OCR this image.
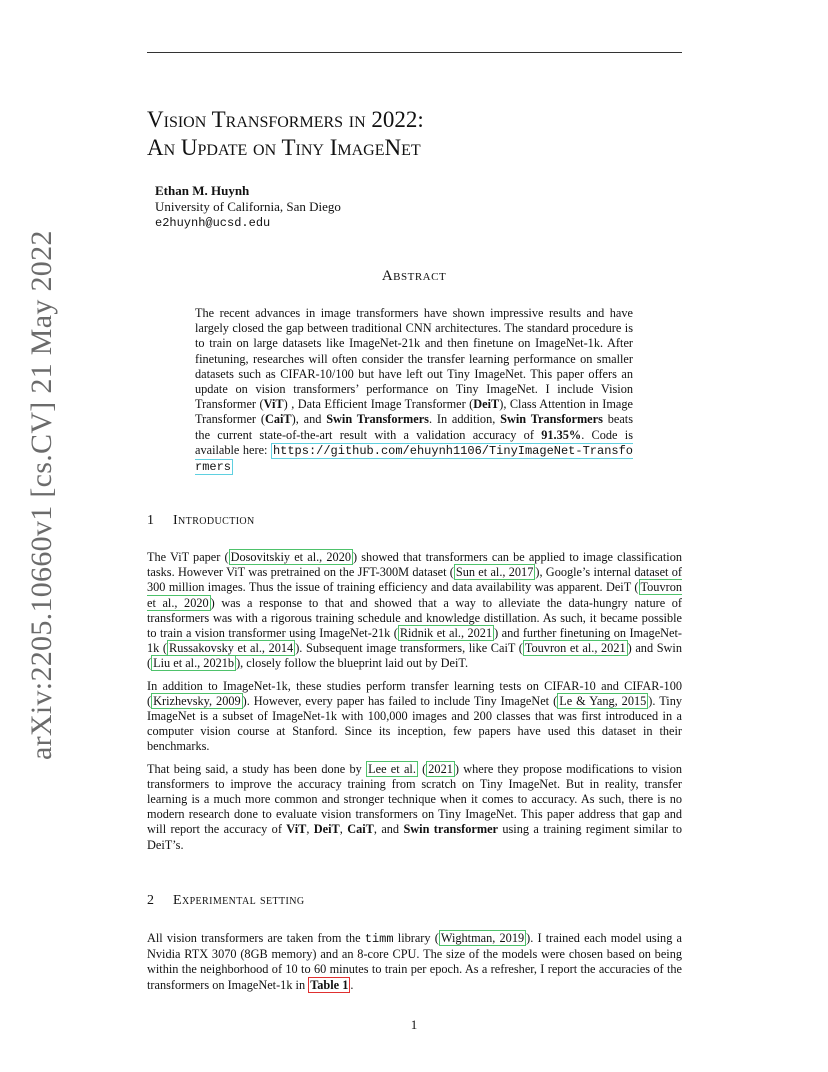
arXiv:2205.10660v1 [cs.CV] 21 May 2022
Vision Transformers in 2022:
An Update on Tiny ImageNet
Ethan M. Huynh
University of California, San Diego
e2huynh@ucsd.edu
Abstract
The recent advances in image transformers have shown impressive results and have largely closed the gap between traditional CNN architectures. The standard procedure is to train on large datasets like ImageNet-21k and then finetune on ImageNet-1k. After finetuning, researches will often consider the transfer learning performance on smaller datasets such as CIFAR-10/100 but have left out Tiny ImageNet. This paper offers an update on vision transformers’ performance on Tiny ImageNet. I include Vision Transformer (ViT) , Data Efficient Image Transformer (DeiT), Class Attention in Image Transformer (CaiT), and Swin Transformers. In addition, Swin Transformers beats the current state-of-the-art result with a validation accuracy of 91.35%. Code is available here: https://github.com/ehuynh1106/TinyImageNet-Transformers
1 Introduction

The ViT paper ( Dosovitskiy et al., 2020 ) showed that transformers can be applied to image classification tasks. However ViT was pretrained on the JFT-300M dataset ( Sun et al., 2017 ), Google’s internal dataset of 300 million images. Thus the issue of training efficiency and data availability was apparent. DeiT ( Touvron et al., 2020 ) was a response to that and showed that a way to alleviate the data-hungry nature of transformers was with a rigorous training schedule and knowledge distillation. As such, it became possible to train a vision transformer using ImageNet-21k ( Ridnik et al., 2021 ) and further finetuning on ImageNet-1k ( Russakovsky et al., 2014 ). Subsequent image transformers, like CaiT ( Touvron et al., 2021 ) and Swin ( Liu et al., 2021b ), closely follow the blueprint laid out by DeiT.

In addition to ImageNet-1k, these studies perform transfer learning tests on CIFAR-10 and CIFAR-100 ( Krizhevsky, 2009 ). However, every paper has failed to include Tiny ImageNet ( Le & Yang, 2015 ). Tiny ImageNet is a subset of ImageNet-1k with 100,000 images and 200 classes that was first introduced in a computer vision course at Stanford. Since its inception, few papers have used this dataset in their benchmarks.

That being said, a study has been done by Lee et al. ( 2021 ) where they propose modifications to vision transformers to improve the accuracy training from scratch on Tiny ImageNet. But in reality, transfer learning is a much more common and stronger technique when it comes to accuracy. As such, there is no modern research done to evaluate vision transformers on Tiny ImageNet. This paper address that gap and will report the accuracy of ViT, DeiT, CaiT, and Swin transformer using a training regiment similar to DeiT’s.

2 Experimental setting

All vision transformers are taken from the timm library ( Wightman, 2019 ). I trained each model using a Nvidia RTX 3070 (8GB memory) and an 8-core CPU. The size of the models were chosen based on being within the neighborhood of 10 to 60 minutes to train per epoch. As a refresher, I report the accuracies of the transformers on ImageNet-1k in Table 1 .

1
